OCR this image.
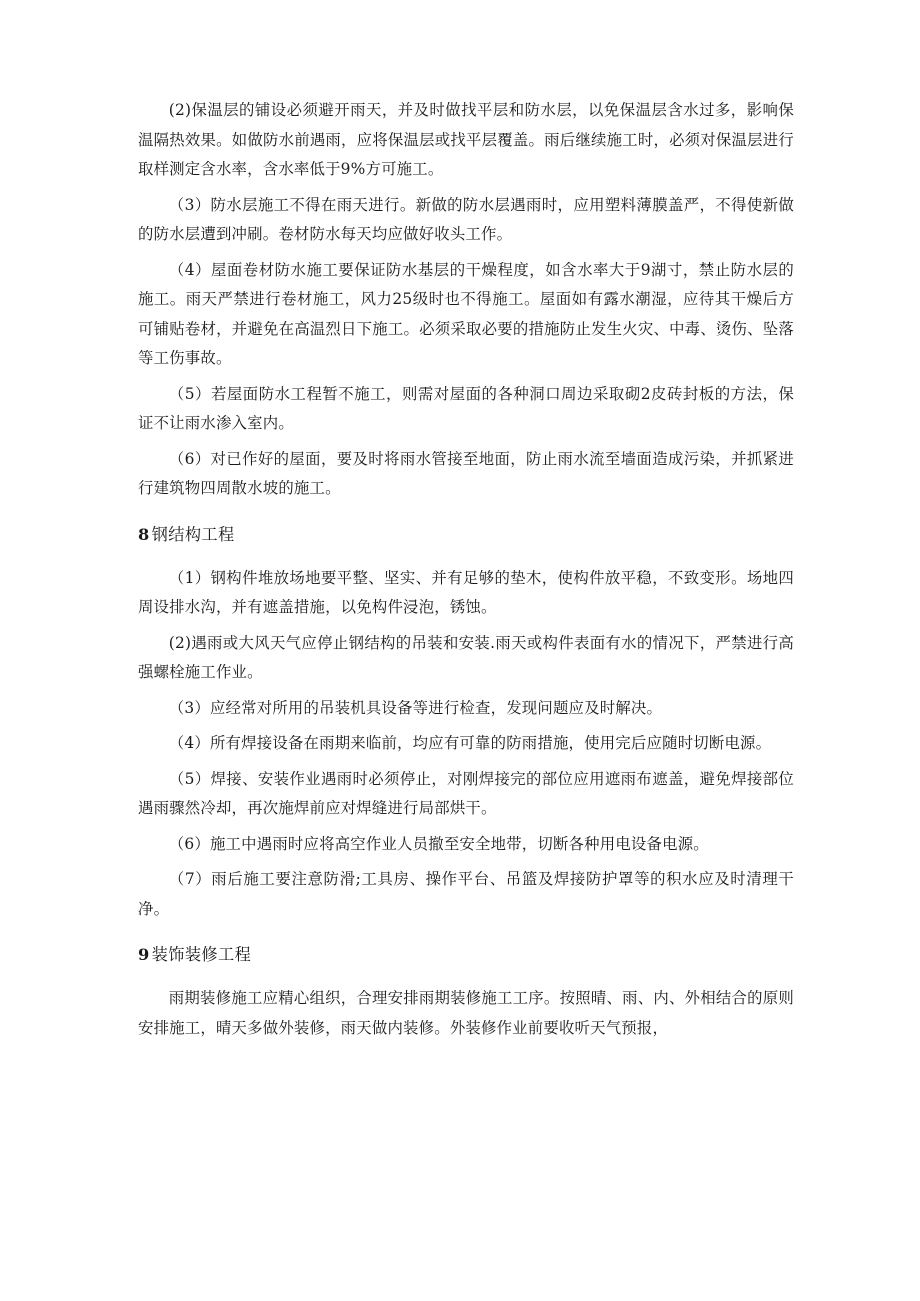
(2)保温层的铺设必须避开雨天，并及时做找平层和防水层，以免保温层含水过多，影响保温隔热效果。如做防水前遇雨，应将保温层或找平层覆盖。雨后继续施工时，必须对保温层进行取样测定含水率，含水率低于9%方可施工。

（3）防水层施工不得在雨天进行。新做的防水层遇雨时，应用塑料薄膜盖严，不得使新做的防水层遭到冲刷。卷材防水每天均应做好收头工作。

（4）屋面卷材防水施工要保证防水基层的干燥程度，如含水率大于9湖寸，禁止防水层的施工。雨天严禁进行卷材施工，风力25级时也不得施工。屋面如有露水潮湿，应待其干燥后方可铺贴卷材，并避免在高温烈日下施工。必须采取必要的措施防止发生火灾、中毒、烫伤、坠落等工伤事故。

（5）若屋面防水工程暂不施工，则需对屋面的各种洞口周边采取砌2皮砖封板的方法，保证不让雨水渗入室内。

（6）对已作好的屋面，要及时将雨水管接至地面，防止雨水流至墙面造成污染，并抓紧进行建筑物四周散水坡的施工。

8 钢结构工程

（1）钢构件堆放场地要平整、坚实、并有足够的垫木，使构件放平稳，不致变形。场地四周设排水沟，并有遮盖措施，以免构件浸泡，锈蚀。

(2)遇雨或大风天气应停止钢结构的吊装和安装.雨天或构件表面有水的情况下，严禁进行高强螺栓施工作业。

（3）应经常对所用的吊装机具设备等进行检查，发现问题应及时解决。

（4）所有焊接设备在雨期来临前，均应有可靠的防雨措施，使用完后应随时切断电源。

（5）焊接、安装作业遇雨时必须停止，对刚焊接完的部位应用遮雨布遮盖，避免焊接部位遇雨骤然冷却，再次施焊前应对焊缝进行局部烘干。

（6）施工中遇雨时应将高空作业人员撤至安全地带，切断各种用电设备电源。

（7）雨后施工要注意防滑;工具房、操作平台、吊篮及焊接防护罩等的积水应及时清理干净。

9 装饰装修工程

雨期装修施工应精心组织，合理安排雨期装修施工工序。按照晴、雨、内、外相结合的原则安排施工，晴天多做外装修，雨天做内装修。外装修作业前要收听天气预报，
